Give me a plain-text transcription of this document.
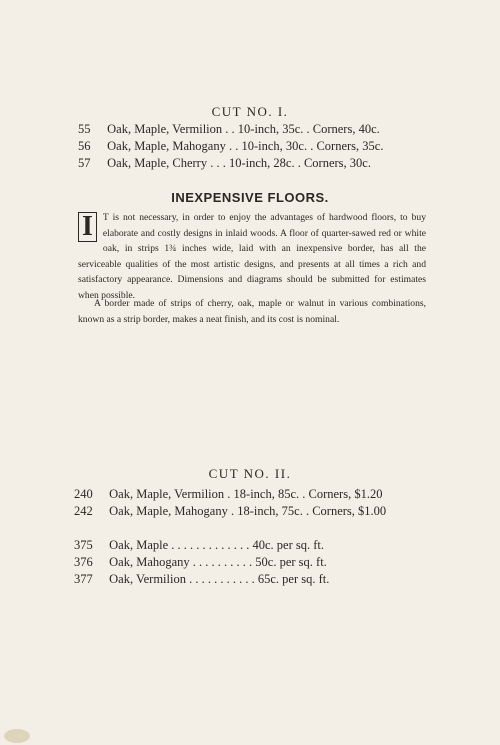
CUT NO. I.
55 Oak, Maple, Vermilion . . 10-inch, 35c. . Corners, 40c.
56 Oak, Maple, Mahogany . . 10-inch, 30c. . Corners, 35c.
57 Oak, Maple, Cherry . . . 10-inch, 28c. . Corners, 30c.
INEXPENSIVE FLOORS.
I	T is not necessary, in order to enjoy the advantages of hardwood floors, to buy elaborate and costly designs in inlaid woods. A floor of quarter-sawed red or white oak, in strips 1¾ inches wide, laid with an inexpensive border, has all the serviceable qualities of the most artistic designs, and presents at all times a rich and satisfactory appearance. Dimensions and diagrams should be submitted for estimates when possible.
A border made of strips of cherry, oak, maple or walnut in various combinations, known as a strip border, makes a neat finish, and its cost is nominal.
CUT NO. II.
240 Oak, Maple, Vermilion . 18-inch, 85c. . Corners, $1.20
242 Oak, Maple, Mahogany . 18-inch, 75c. . Corners, $1.00
375 Oak, Maple . . . . . . . . . . . . . 40c. per sq. ft.
376 Oak, Mahogany . . . . . . . . . . 50c. per sq. ft.
377 Oak, Vermilion . . . . . . . . . . . 65c. per sq. ft.
